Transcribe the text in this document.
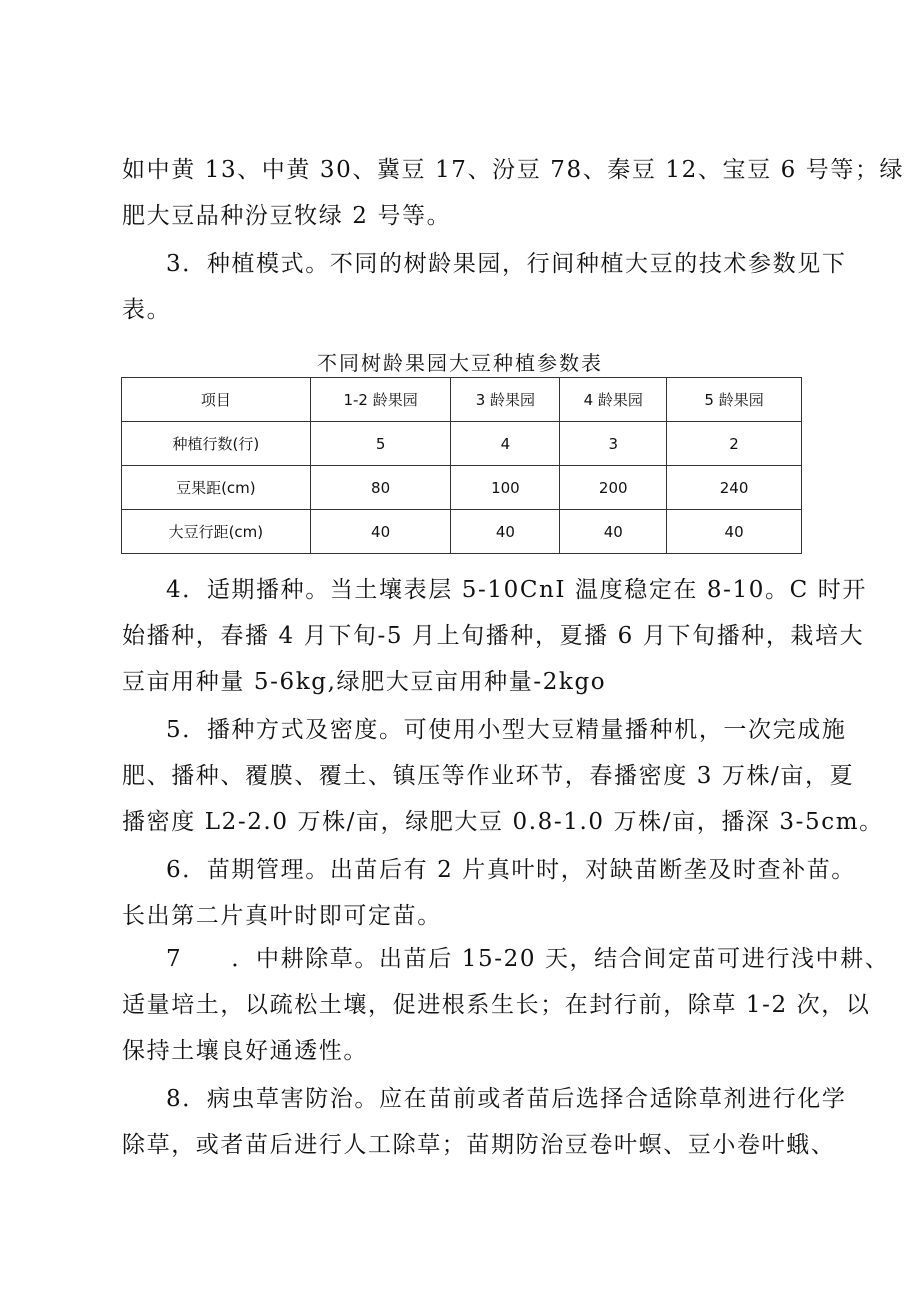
如中黄 13、中黄 30、冀豆 17、汾豆 78、秦豆 12、宝豆 6 号等；绿
肥大豆品种汾豆牧绿 2 号等。
3．种植模式。不同的树龄果园，行间种植大豆的技术参数见下
表。
不同树龄果园大豆种植参数表
项目	1-2 龄果园	3 龄果园	4 龄果园	5 龄果园
种植行数(行)	5	4	3	2
豆果距(cm)	80	100	200	240
大豆行距(cm)	40	40	40	40
4．适期播种。当土壤表层 5-10CnI 温度稳定在 8-10。C 时开
始播种，春播 4 月下旬-5 月上旬播种，夏播 6 月下旬播种，栽培大
豆亩用种量 5-6kg,绿肥大豆亩用种量-2kgo
5．播种方式及密度。可使用小型大豆精量播种机，一次完成施
肥、播种、覆膜、覆土、镇压等作业环节，春播密度 3 万株/亩，夏
播密度 L2-2.0 万株/亩，绿肥大豆 0.8-1.0 万株/亩，播深 3-5cm。
6．苗期管理。出苗后有 2 片真叶时，对缺苗断垄及时查补苗。
长出第二片真叶时即可定苗。
7　　．中耕除草。出苗后 15-20 天，结合间定苗可进行浅中耕、
适量培土，以疏松土壤，促进根系生长；在封行前，除草 1-2 次，以
保持土壤良好通透性。
8．病虫草害防治。应在苗前或者苗后选择合适除草剂进行化学
除草，或者苗后进行人工除草；苗期防治豆卷叶螟、豆小卷叶蛾、
